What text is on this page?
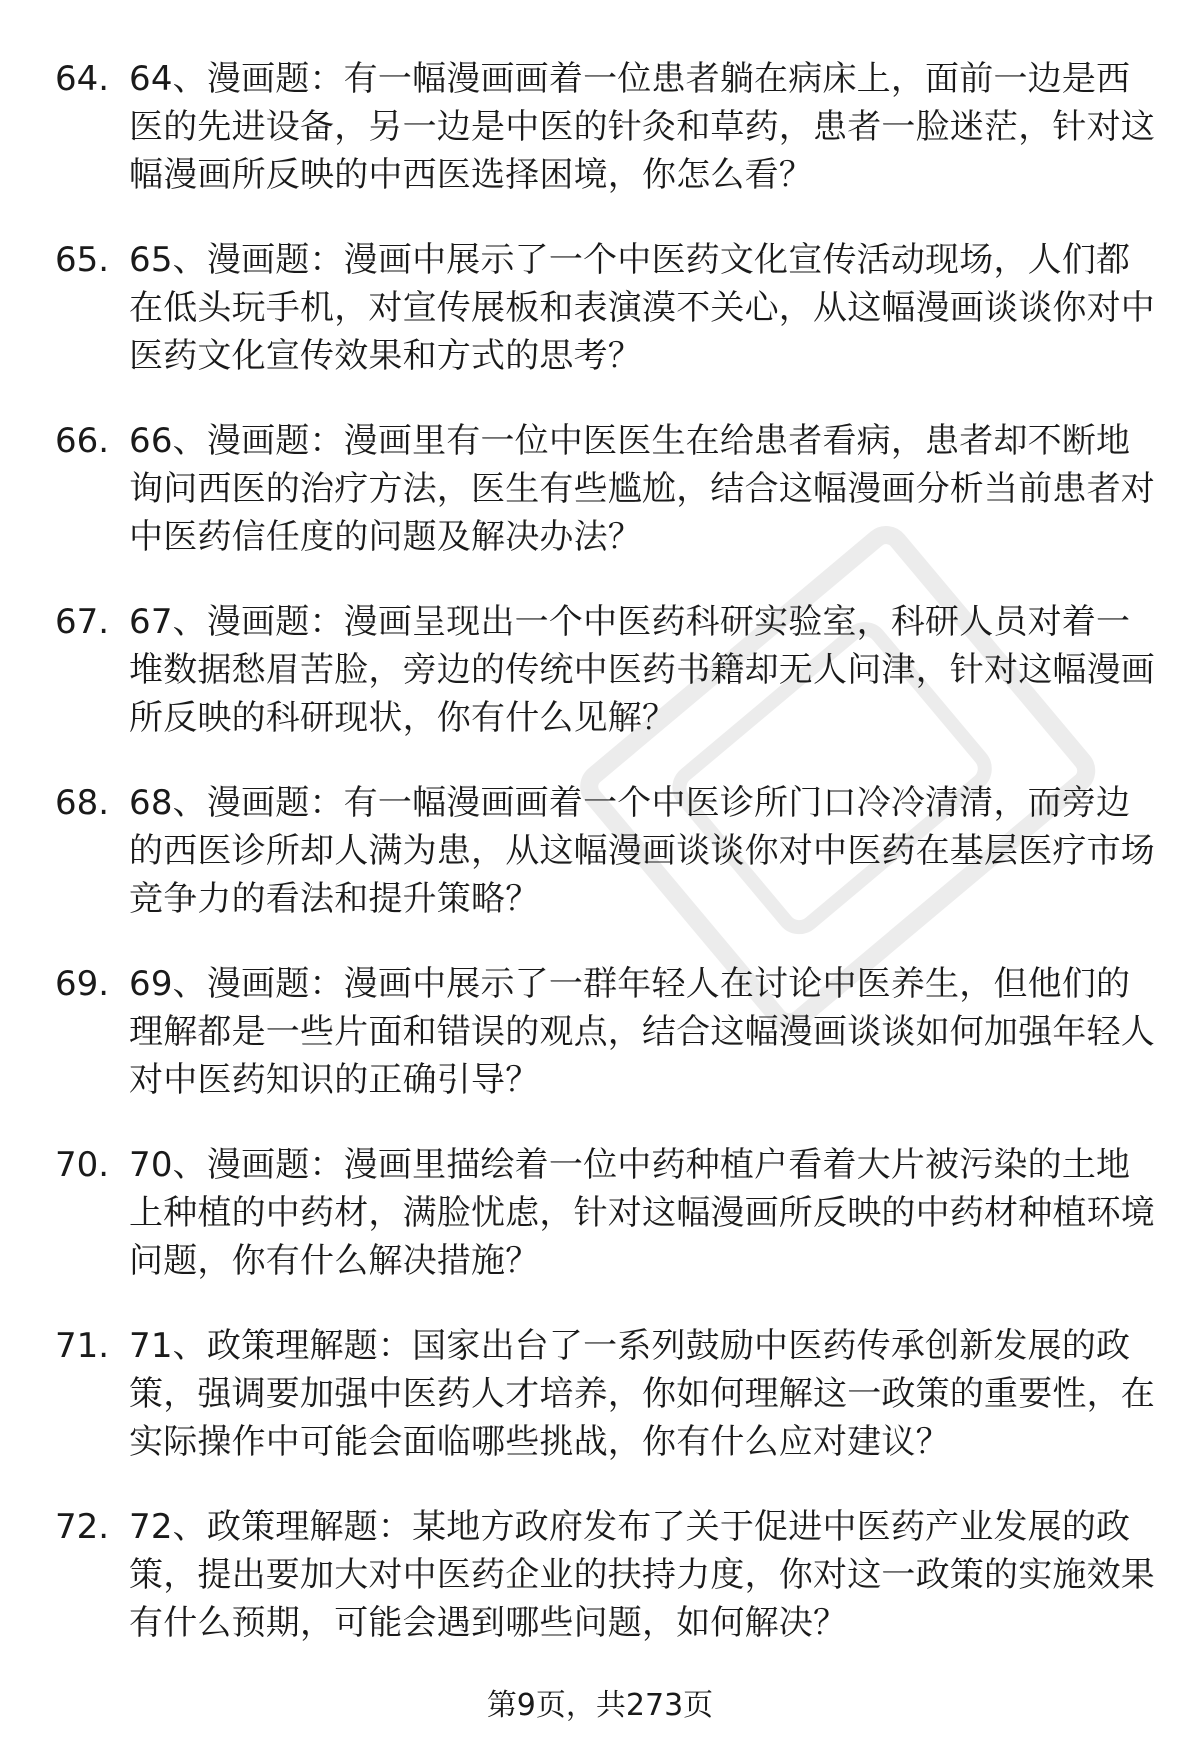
64. 64、漫画题：有一幅漫画画着一位患者躺在病床上，面前一边是西医的先进设备，另一边是中医的针灸和草药，患者一脸迷茫，针对这幅漫画所反映的中西医选择困境，你怎么看？
65. 65、漫画题：漫画中展示了一个中医药文化宣传活动现场，人们都在低头玩手机，对宣传展板和表演漠不关心，从这幅漫画谈谈你对中医药文化宣传效果和方式的思考？
66. 66、漫画题：漫画里有一位中医医生在给患者看病，患者却不断地询问西医的治疗方法，医生有些尴尬，结合这幅漫画分析当前患者对中医药信任度的问题及解决办法？
67. 67、漫画题：漫画呈现出一个中医药科研实验室，科研人员对着一堆数据愁眉苦脸，旁边的传统中医药书籍却无人问津，针对这幅漫画所反映的科研现状，你有什么见解？
68. 68、漫画题：有一幅漫画画着一个中医诊所门口冷冷清清，而旁边的西医诊所却人满为患，从这幅漫画谈谈你对中医药在基层医疗市场竞争力的看法和提升策略？
69. 69、漫画题：漫画中展示了一群年轻人在讨论中医养生，但他们的理解都是一些片面和错误的观点，结合这幅漫画谈谈如何加强年轻人对中医药知识的正确引导？
70. 70、漫画题：漫画里描绘着一位中药种植户看着大片被污染的土地上种植的中药材，满脸忧虑，针对这幅漫画所反映的中药材种植环境问题，你有什么解决措施？
71. 71、政策理解题：国家出台了一系列鼓励中医药传承创新发展的政策，强调要加强中医药人才培养，你如何理解这一政策的重要性，在实际操作中可能会面临哪些挑战，你有什么应对建议？
72. 72、政策理解题：某地方政府发布了关于促进中医药产业发展的政策，提出要加大对中医药企业的扶持力度，你对这一政策的实施效果有什么预期，可能会遇到哪些问题，如何解决？
第9页，共273页
